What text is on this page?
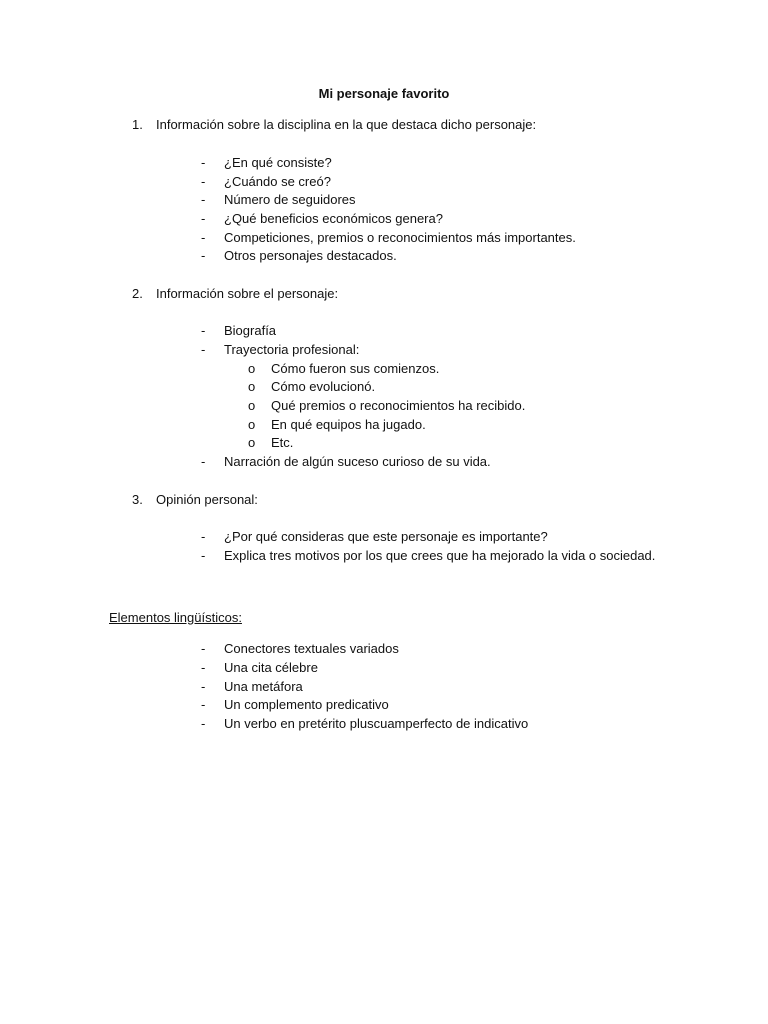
Mi personaje favorito
1. Información sobre la disciplina en la que destaca dicho personaje:
- ¿En qué consiste?
- ¿Cuándo se creó?
- Número de seguidores
- ¿Qué beneficios económicos genera?
- Competiciones, premios o reconocimientos más importantes.
- Otros personajes destacados.
2. Información sobre el personaje:
- Biografía
- Trayectoria profesional:
o Cómo fueron sus comienzos.
o Cómo evolucionó.
o Qué premios o reconocimientos ha recibido.
o En qué equipos ha jugado.
o Etc.
- Narración de algún suceso curioso de su vida.
3. Opinión personal:
- ¿Por qué consideras que este personaje es importante?
- Explica tres motivos por los que crees que ha mejorado la vida o sociedad.
Elementos lingüísticos:
- Conectores textuales variados
- Una cita célebre
- Una metáfora
- Un complemento predicativo
- Un verbo en pretérito pluscuamperfecto de indicativo
